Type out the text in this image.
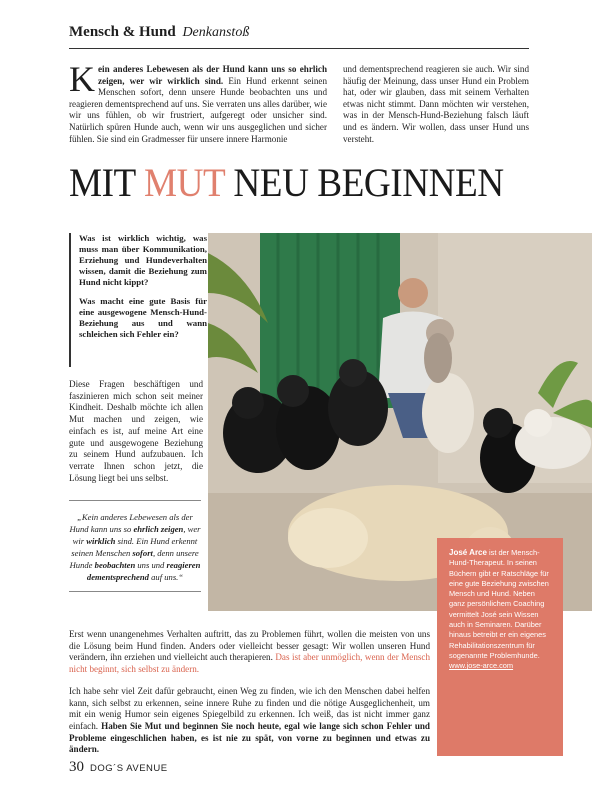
Mensch & Hund Denkanstoß
Kein anderes Lebewesen als der Hund kann uns so ehrlich zeigen, wer wir wirklich sind. Ein Hund erkennt seinen Menschen sofort, denn unsere Hunde beobachten uns und reagieren dementsprechend auf uns. Sie verraten uns alles darüber, wie wir uns fühlen, ob wir frustriert, aufgeregt oder unsicher sind. Natürlich spüren Hunde auch, wenn wir uns ausgeglichen und sicher fühlen. Sie sind ein Gradmesser für unsere innere Harmonie
und dementsprechend reagieren sie auch. Wir sind häufig der Meinung, dass unser Hund ein Problem hat, oder wir glauben, dass mit seinem Verhalten etwas nicht stimmt. Dann möchten wir verstehen, was in der Mensch-Hund-Beziehung falsch läuft und es ändern. Wir wollen, dass unser Hund uns versteht.
MIT MUT NEU BEGINNEN

Was ist wirklich wichtig, was muss man über Kommunikation, Erziehung und Hundeverhalten wissen, damit die Beziehung zum Hund nicht kippt?

Was macht eine gute Basis für eine ausgewogene Mensch-Hund-Beziehung aus und wann schleichen sich Fehler ein?

Diese Fragen beschäftigen und faszinieren mich schon seit meiner Kindheit. Deshalb möchte ich allen Mut machen und zeigen, wie einfach es ist, auf meine Art eine gute und ausgewogene Beziehung zu seinem Hund aufzubauen. Ich verrate Ihnen schon jetzt, die Lösung liegt bei uns selbst.
„Kein anderes Lebewesen als der Hund kann uns so ehrlich zeigen, wer wir wirklich sind. Ein Hund erkennt seinen Menschen sofort, denn unsere Hunde beobachten uns und reagieren dementsprechend auf uns.“
José Arce ist der Mensch-Hund-Therapeut. In seinen Büchern gibt er Ratschläge für eine gute Beziehung zwischen Mensch und Hund. Neben ganz persönlichem Coaching vermittelt José sein Wissen auch in Seminaren. Darüber hinaus betreibt er ein eigenes Rehabilitationszentrum für sogenannte Problemhunde.
www.jose-arce.com

Erst wenn unangenehmes Verhalten auftritt, das zu Problemen führt, wollen die meisten von uns die Lösung beim Hund finden. Anders oder vielleicht besser gesagt: Wir wollen unseren Hund verändern, ihn erziehen und vielleicht auch therapieren. Das ist aber unmöglich, wenn der Mensch nicht beginnt, sich selbst zu ändern.

Ich habe sehr viel Zeit dafür gebraucht, einen Weg zu finden, wie ich den Menschen dabei helfen kann, sich selbst zu erkennen, seine innere Ruhe zu finden und die nötige Ausgeglichenheit, um mit ein wenig Humor sein eigenes Spiegelbild zu erkennen. Ich weiß, das ist nicht immer ganz einfach. Haben Sie Mut und beginnen Sie noch heute, egal wie lange sich schon Fehler und Probleme eingeschlichen haben, es ist nie zu spät, von vorne zu beginnen und etwas zu ändern.

30 DOG´S AVENUE
